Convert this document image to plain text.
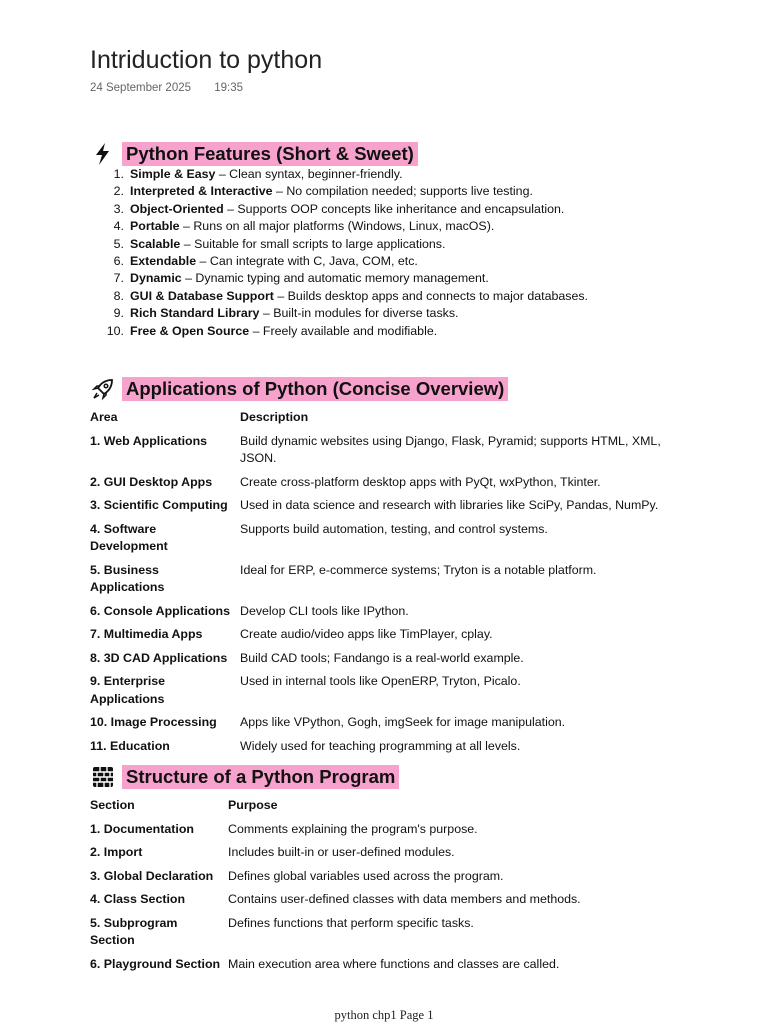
Intriduction to python
24 September 2025 19:35
Python Features (Short & Sweet)
1. Simple & Easy – Clean syntax, beginner-friendly.
2. Interpreted & Interactive – No compilation needed; supports live testing.
3. Object-Oriented – Supports OOP concepts like inheritance and encapsulation.
4. Portable – Runs on all major platforms (Windows, Linux, macOS).
5. Scalable – Suitable for small scripts to large applications.
6. Extendable – Can integrate with C, Java, COM, etc.
7. Dynamic – Dynamic typing and automatic memory management.
8. GUI & Database Support – Builds desktop apps and connects to major databases.
9. Rich Standard Library – Built-in modules for diverse tasks.
10. Free & Open Source – Freely available and modifiable.
Applications of Python (Concise Overview)
Area	Description
1. Web Applications	Build dynamic websites using Django, Flask, Pyramid; supports HTML, XML, JSON.
2. GUI Desktop Apps	Create cross-platform desktop apps with PyQt, wxPython, Tkinter.
3. Scientific Computing	Used in data science and research with libraries like SciPy, Pandas, NumPy.
4. Software Development	Supports build automation, testing, and control systems.
5. Business Applications	Ideal for ERP, e-commerce systems; Tryton is a notable platform.
6. Console Applications	Develop CLI tools like IPython.
7. Multimedia Apps	Create audio/video apps like TimPlayer, cplay.
8. 3D CAD Applications	Build CAD tools; Fandango is a real-world example.
9. Enterprise Applications	Used in internal tools like OpenERP, Tryton, Picalo.
10. Image Processing	Apps like VPython, Gogh, imgSeek for image manipulation.
11. Education	Widely used for teaching programming at all levels.
Structure of a Python Program
Section	Purpose
1. Documentation	Comments explaining the program's purpose.
2. Import	Includes built-in or user-defined modules.
3. Global Declaration	Defines global variables used across the program.
4. Class Section	Contains user-defined classes with data members and methods.
5. Subprogram Section	Defines functions that perform specific tasks.
6. Playground Section	Main execution area where functions and classes are called.
python chp1 Page 1
